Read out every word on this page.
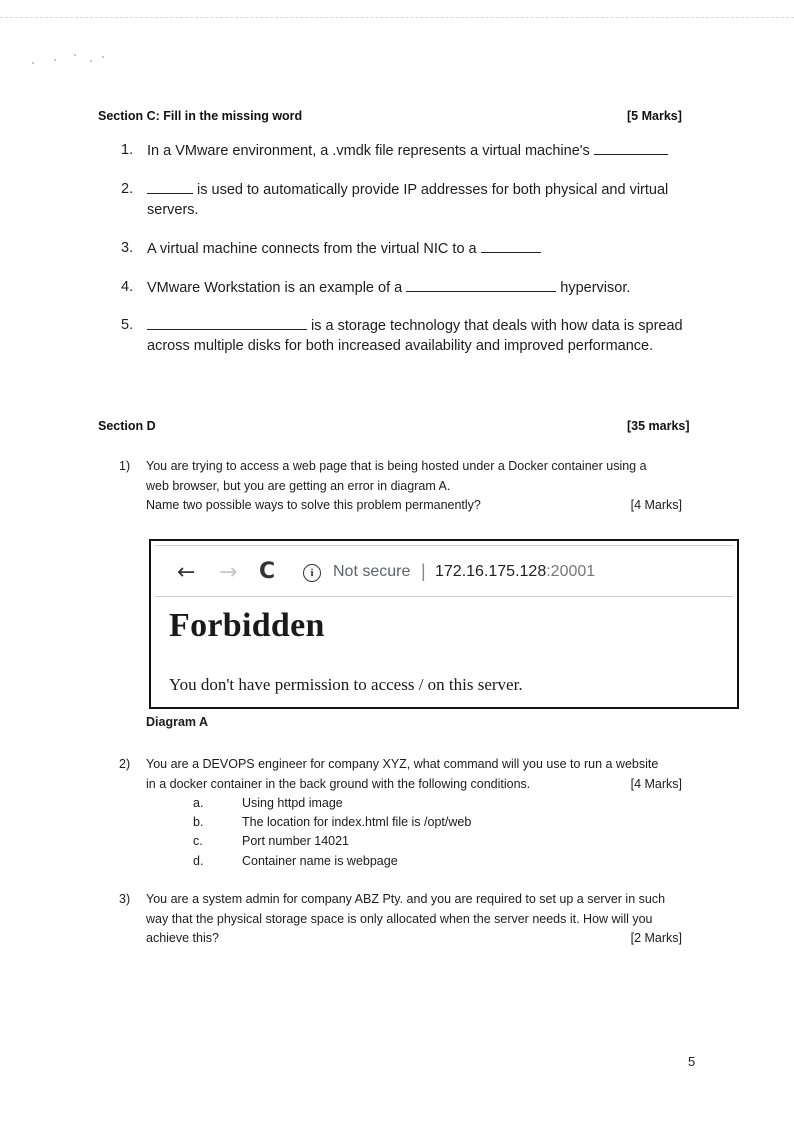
Section C: Fill in the missing word	[5 Marks]
1. In a VMware environment, a .vmdk file represents a virtual machine's
2.	is used to automatically provide IP addresses for both physical and virtual servers.
3. A virtual machine connects from the virtual NIC to a
4. VMware Workstation is an example of a	hypervisor.
5.	is a storage technology that deals with how data is spread across multiple disks for both increased availability and improved performance.
Section D	[35 marks]
1) You are trying to access a web page that is being hosted under a Docker container using a
web browser, but you are getting an error in diagram A.
Name two possible ways to solve this problem permanently?	[4 Marks]
← → C	i	Not secure | 172.16.175.128:20001
Forbidden
You don't have permission to access / on this server.
Diagram A
2) You are a DEVOPS engineer for company XYZ, what command will you use to run a website
in a docker container in the back ground with the following conditions.	[4 Marks]
a.	Using httpd image
b.	The location for index.html file is /opt/web
c.	Port number 14021
d.	Container name is webpage
3) You are a system admin for company ABZ Pty. and you are required to set up a server in such
way that the physical storage space is only allocated when the server needs it. How will you
achieve this?	[2 Marks]
5
